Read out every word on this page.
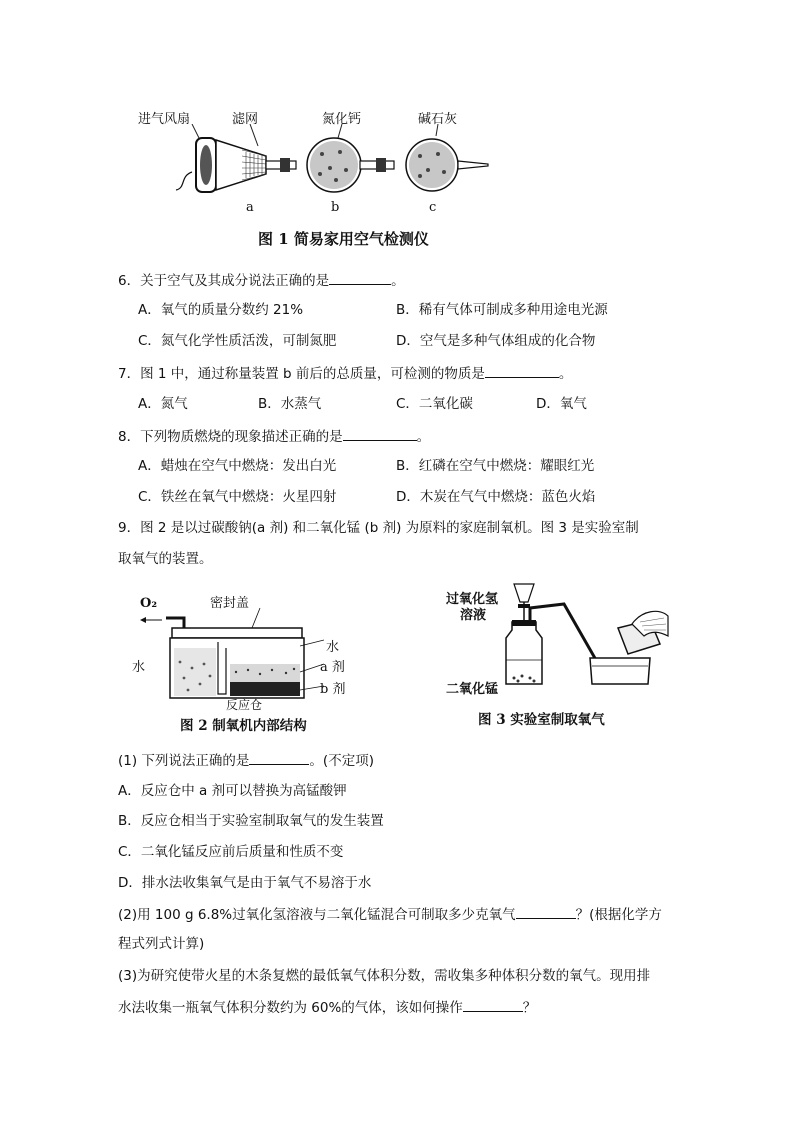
进气风扇	滤网	氮化钙	碱石灰
a	b	c
图 1 简易家用空气检测仪
6．关于空气及其成分说法正确的是	。
A．氧气的质量分数约 21%	B．稀有气体可制成多种用途电光源
C．氮气化学性质活泼，可制氮肥	D．空气是多种气体组成的化合物
7．图 1 中，通过称量装置 b 前后的总质量，可检测的物质是	。
A．氮气	B．水蒸气	C．二氧化碳	D．氧气
8．下列物质燃烧的现象描述正确的是	。
A．蜡烛在空气中燃烧：发出白光	B．红磷在空气中燃烧：耀眼红光
C．铁丝在氧气中燃烧：火星四射	D．木炭在气气中燃烧：蓝色火焰
9．图 2 是以过碳酸钠(a 剂) 和二氧化锰 (b 剂) 为原料的家庭制氧机。图 3 是实验室制
取氧气的装置。
O₂	密封盖
水
水	a 剂
b 剂
反应仓
图 2 制氧机内部结构
过氧化氢
溶液
二氧化锰
图 3 实验室制取氧气
(1) 下列说法正确的是	。(不定项)
A．反应仓中 a 剂可以替换为高锰酸钾
B．反应仓相当于实验室制取氧气的发生装置
C．二氧化锰反应前后质量和性质不变
D．排水法收集氧气是由于氧气不易溶于水
(2)用 100 g 6.8%过氧化氢溶液与二氧化锰混合可制取多少克氧气	？(根据化学方
程式列式计算)
(3)为研究使带火星的木条复燃的最低氧气体积分数，需收集多种体积分数的氧气。现用排
水法收集一瓶氧气体积分数约为 60%的气体，该如何操作	？
